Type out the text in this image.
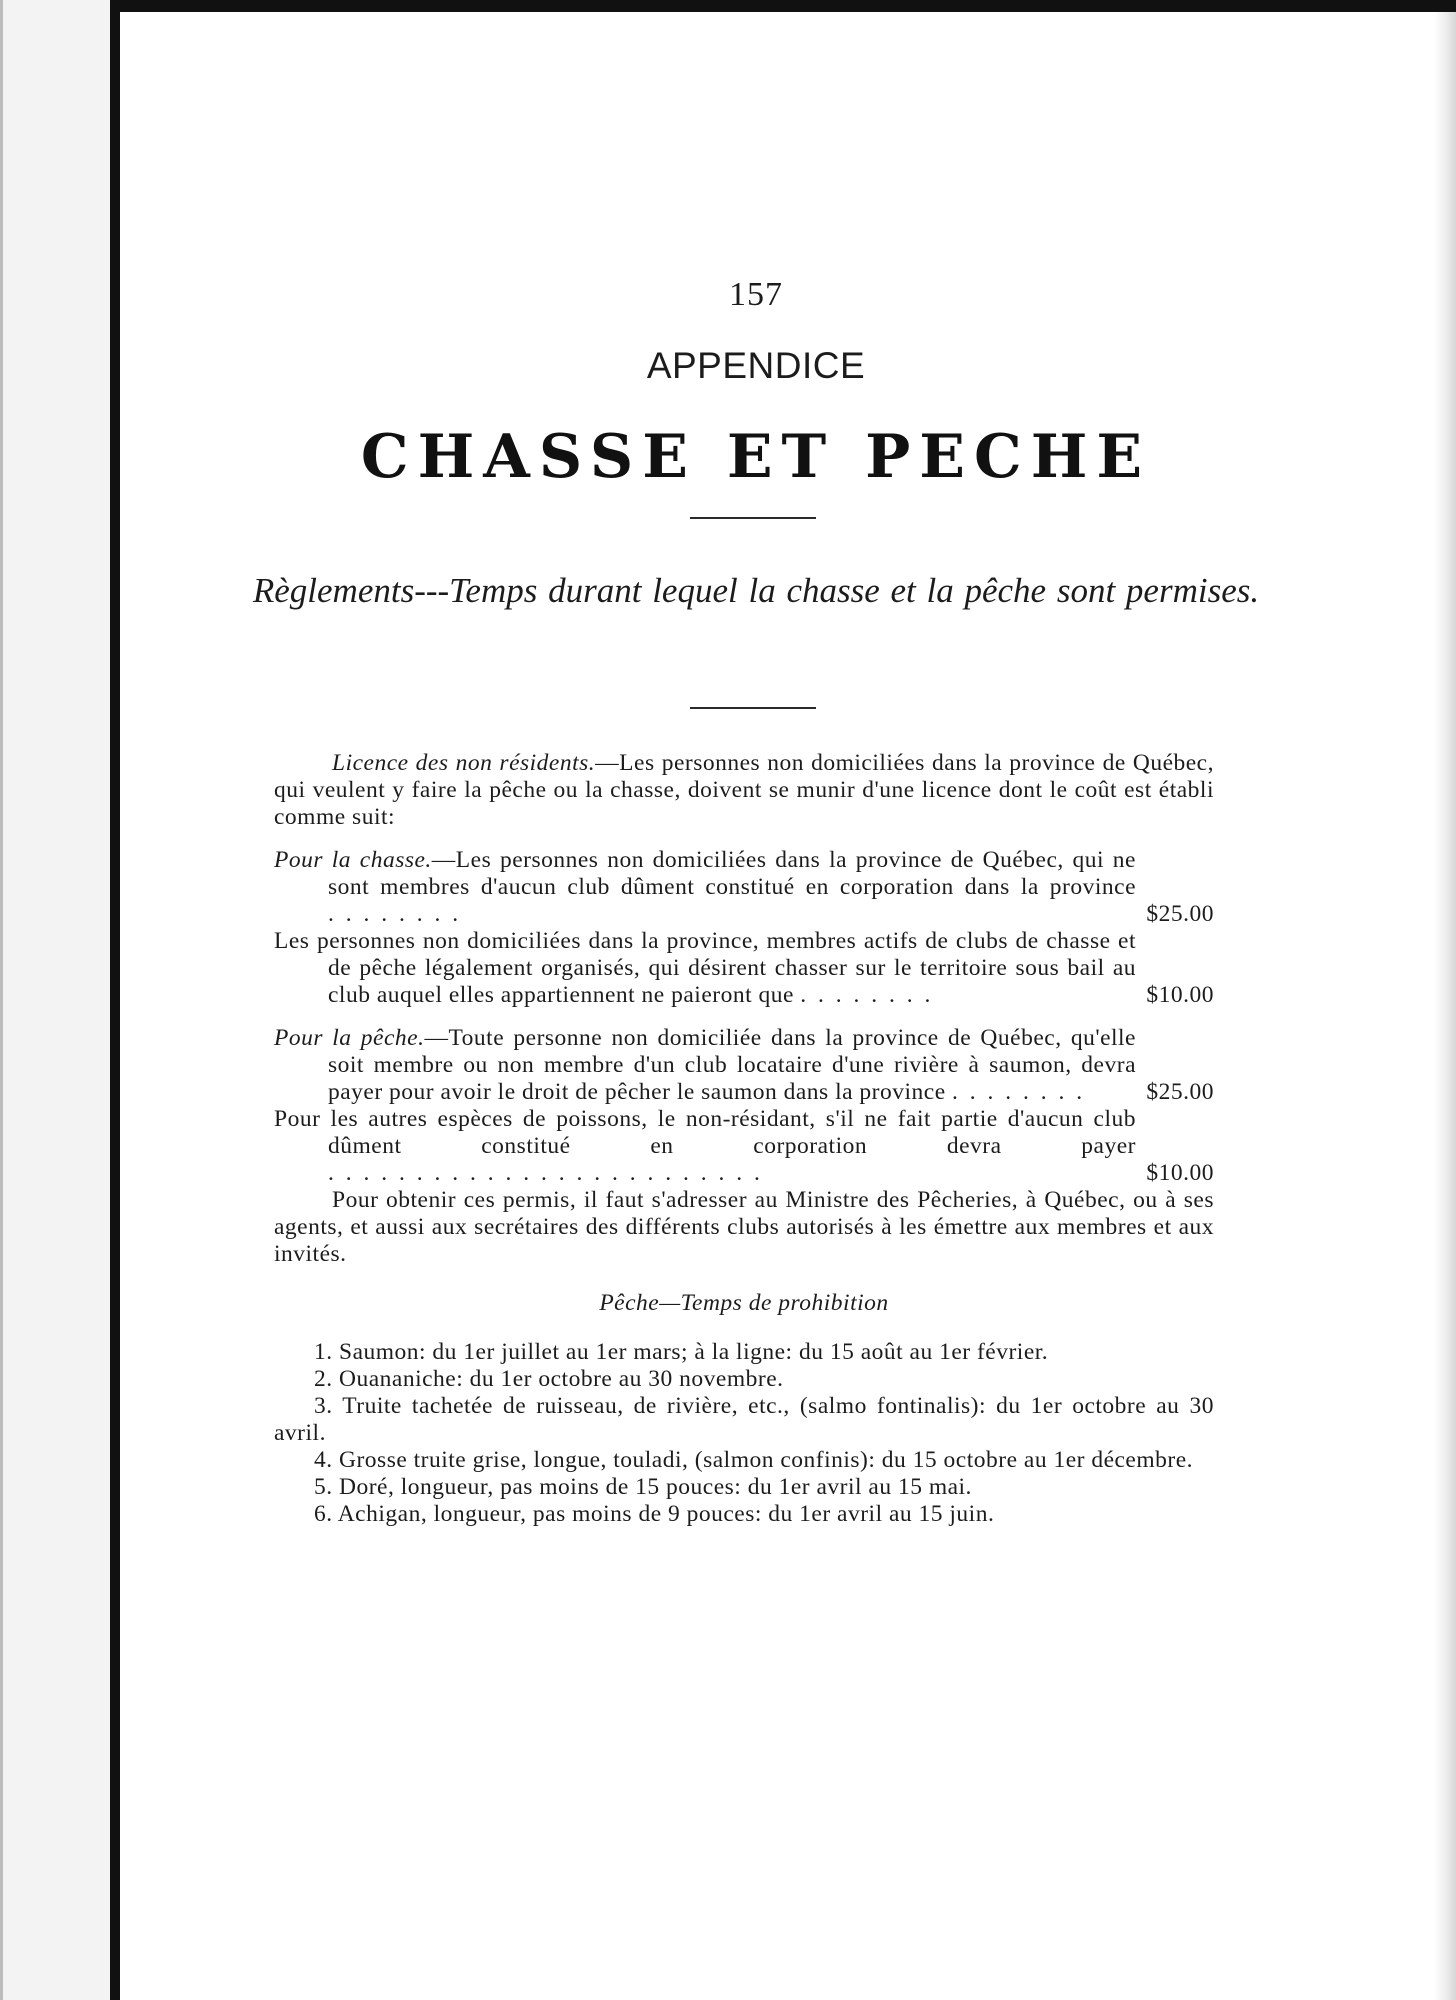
157
APPENDICE
CHASSE ET PECHE
Règlements---Temps durant lequel la chasse et la pêche sont permises.

Licence des non résidents.—Les personnes non domiciliées dans la province de Québec, qui veulent y faire la pêche ou la chasse, doivent se munir d'une licence dont le coût est établi comme suit:

Pour la chasse.—Les personnes non domiciliées dans la province de Québec, qui ne sont membres d'aucun club dûment constitué en corporation dans la province . . . . . . . .	$25.00

Les personnes non domiciliées dans la province, membres actifs de clubs de chasse et de pêche légalement organisés, qui désirent chasser sur le territoire sous bail au club auquel elles appartiennent ne paieront que . . . . . . . .	$10.00

Pour la pêche.—Toute personne non domiciliée dans la province de Québec, qu'elle soit membre ou non membre d'un club locataire d'une rivière à saumon, devra payer pour avoir le droit de pêcher le saumon dans la province . . . . . . . .	$25.00

Pour les autres espèces de poissons, le non-résidant, s'il ne fait partie d'aucun club dûment constitué en corporation devra payer . . . . . . . . . . . . . . . . . . . . . . . . .	$10.00

Pour obtenir ces permis, il faut s'adresser au Ministre des Pêcheries, à Québec, ou à ses agents, et aussi aux secrétaires des différents clubs autorisés à les émettre aux membres et aux invités.

Pêche—Temps de prohibition

1. Saumon: du 1er juillet au 1er mars; à la ligne: du 15 août au 1er février.

2. Ouananiche: du 1er octobre au 30 novembre.

3. Truite tachetée de ruisseau, de rivière, etc., (salmo fontinalis): du 1er octobre au 30 avril.

4. Grosse truite grise, longue, touladi, (salmon confinis): du 15 octobre au 1er décembre.

5. Doré, longueur, pas moins de 15 pouces: du 1er avril au 15 mai.

6. Achigan, longueur, pas moins de 9 pouces: du 1er avril au 15 juin.
